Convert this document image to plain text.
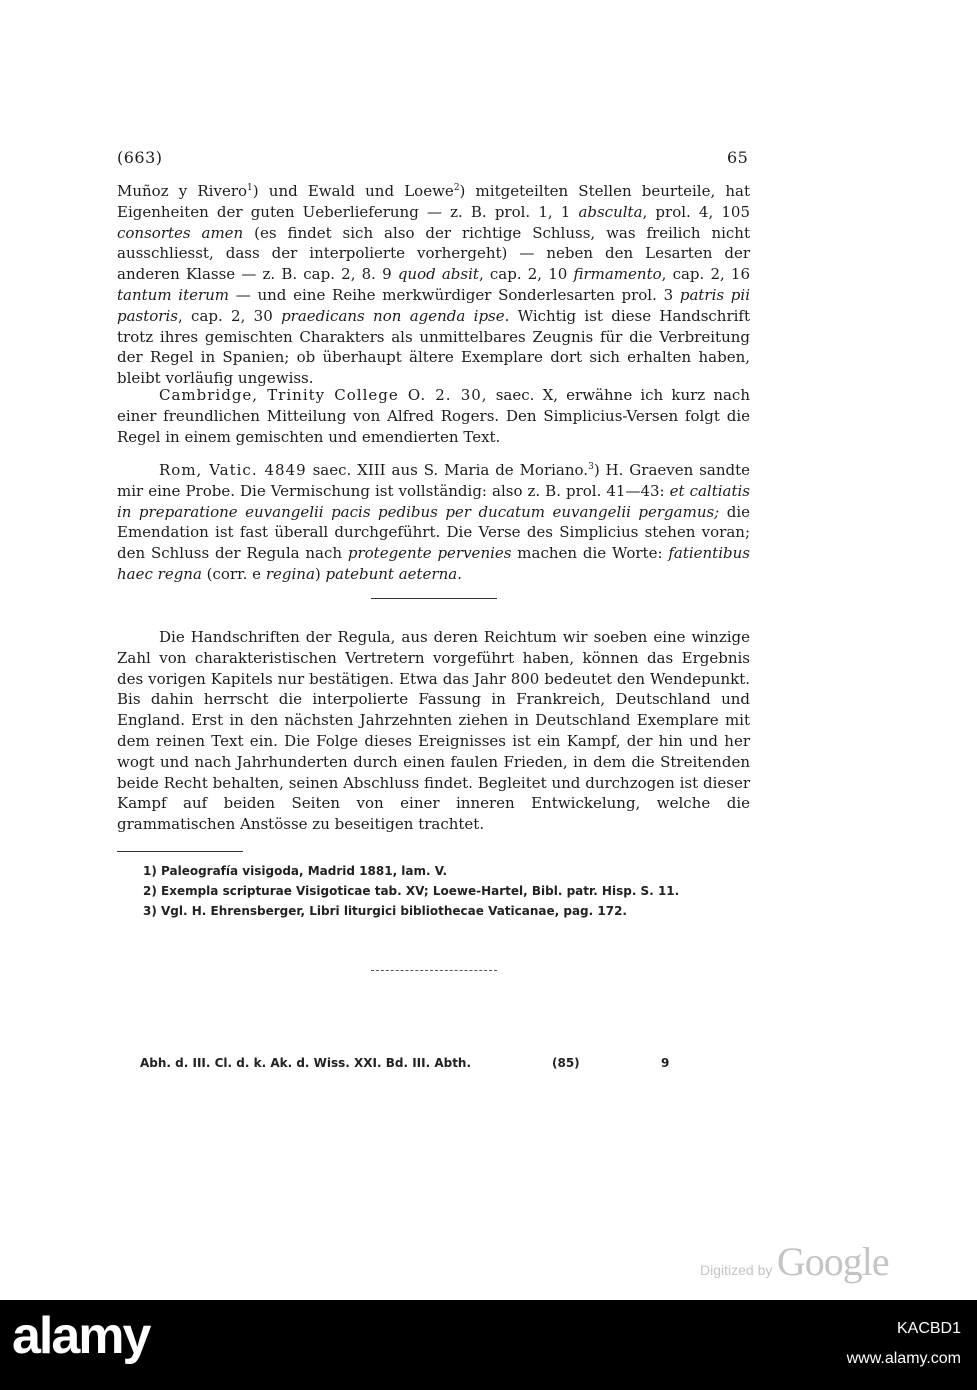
(663)	65
Muñoz y Rivero$^1$) und Ewald und Loewe$^2$) mitgeteilten Stellen beurteile, hat Eigenheiten der guten Ueberlieferung — z. B. prol. 1, 1 absculta, prol. 4, 105 consortes amen (es findet sich also der richtige Schluss, was freilich nicht ausschliesst, dass der interpolierte vorhergeht) — neben den Lesarten der anderen Klasse — z. B. cap. 2, 8. 9 quod absit, cap. 2, 10 firmamento, cap. 2, 16 tantum iterum — und eine Reihe merkwürdiger Sonderlesarten prol. 3 patris pii pastoris, cap. 2, 30 praedicans non agenda ipse. Wichtig ist diese Handschrift trotz ihres gemischten Charakters als unmittelbares Zeugnis für die Verbreitung der Regel in Spanien; ob überhaupt ältere Exemplare dort sich erhalten haben, bleibt vorläufig ungewiss.
Cambridge, Trinity College O. 2. 30, saec. X, erwähne ich kurz nach einer freundlichen Mitteilung von Alfred Rogers. Den Simplicius-Versen folgt die Regel in einem gemischten und emendierten Text.
Rom, Vatic. 4849 saec. XIII aus S. Maria de Moriano.$^3$) H. Graeven sandte mir eine Probe. Die Vermischung ist vollständig: also z. B. prol. 41—43: et caltiatis in preparatione euvangelii pacis pedibus per ducatum euvangelii pergamus; die Emendation ist fast überall durchgeführt. Die Verse des Simplicius stehen voran; den Schluss der Regula nach protegente pervenies machen die Worte: fatientibus haec regna (corr. e regina) patebunt aeterna.
Die Handschriften der Regula, aus deren Reichtum wir soeben eine winzige Zahl von charakteristischen Vertretern vorgeführt haben, können das Ergebnis des vorigen Kapitels nur bestätigen. Etwa das Jahr 800 bedeutet den Wendepunkt. Bis dahin herrscht die interpolierte Fassung in Frankreich, Deutschland und England. Erst in den nächsten Jahrzehnten ziehen in Deutschland Exemplare mit dem reinen Text ein. Die Folge dieses Ereignisses ist ein Kampf, der hin und her wogt und nach Jahrhunderten durch einen faulen Frieden, in dem die Streitenden beide Recht behalten, seinen Abschluss findet. Begleitet und durchzogen ist dieser Kampf auf beiden Seiten von einer inneren Entwickelung, welche die grammatischen Anstösse zu beseitigen trachtet.
1) Paleografía visigoda, Madrid 1881, lam. V.
2) Exempla scripturae Visigoticae tab. XV; Loewe-Hartel, Bibl. patr. Hisp. S. 11.
3) Vgl. H. Ehrensberger, Libri liturgici bibliothecae Vaticanae, pag. 172.
Abh. d. III. Cl. d. k. Ak. d. Wiss. XXI. Bd. III. Abth.	(85)	9
Digitized by Google
alamy	KACBD1
www.alamy.com
